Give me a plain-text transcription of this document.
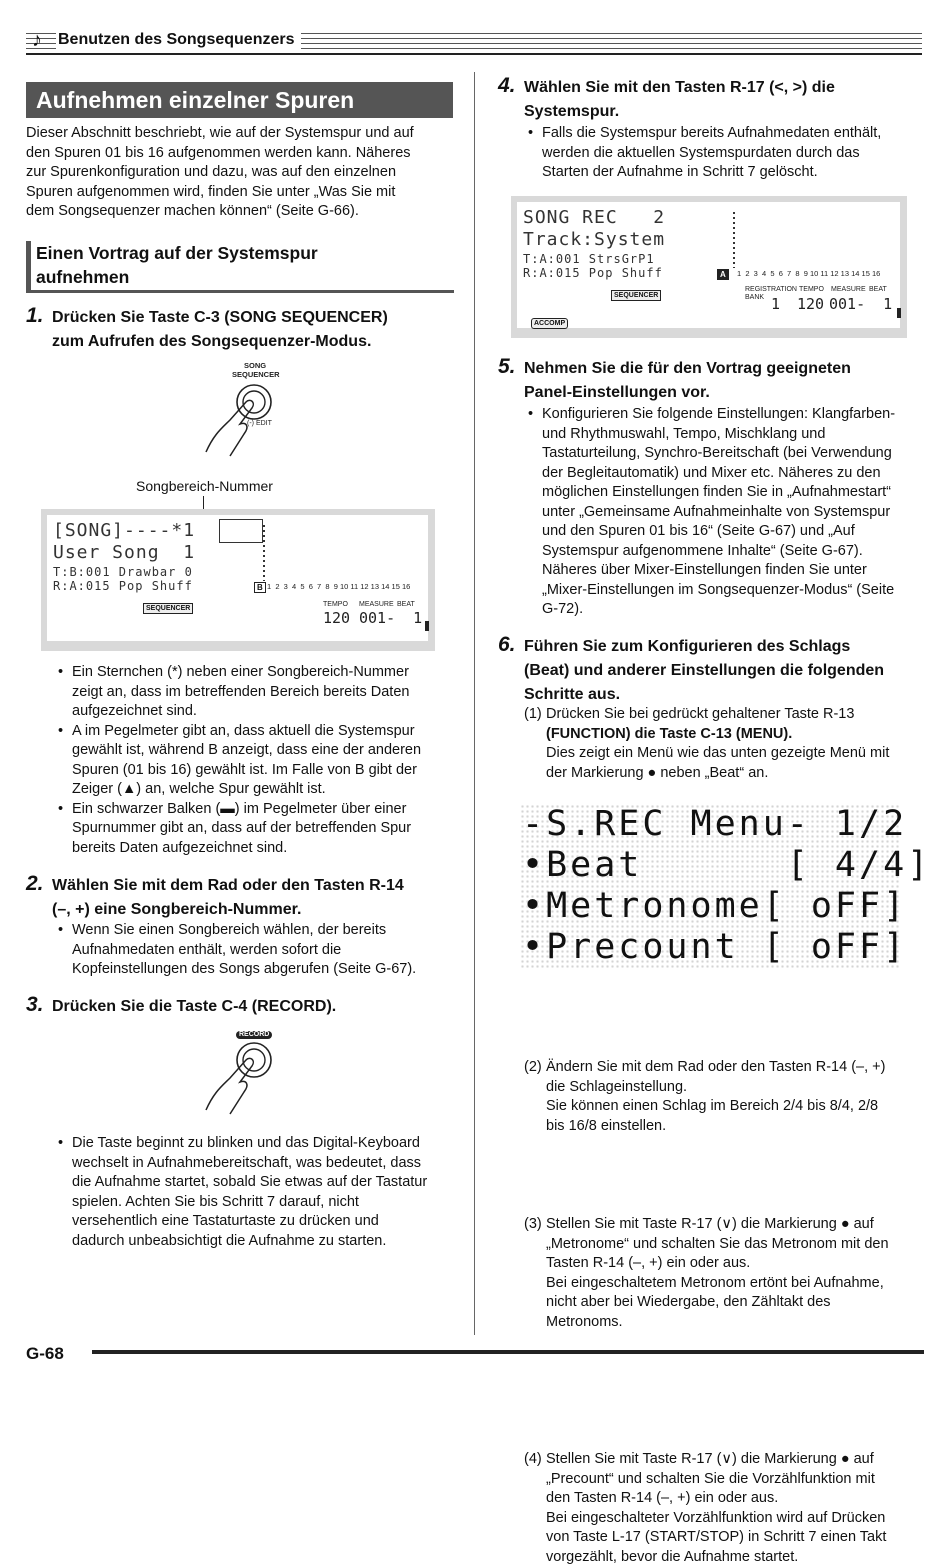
♪ Benutzen des Songsequenzers
Aufnehmen einzelner Spuren
Dieser Abschnitt beschriebt, wie auf der Systemspur und auf
den Spuren 01 bis 16 aufgenommen werden kann. Näheres
zur Spurenkonfiguration und dazu, was auf den einzelnen
Spuren aufgenommen wird, finden Sie unter „Was Sie mit
dem Songsequenzer machen können“ (Seite G-66).
Einen Vortrag auf der Systemspur
aufnehmen
1. Drücken Sie Taste C-3 (SONG SEQUENCER)
zum Aufrufen des Songsequenzer-Modus.
SONG
SEQUENCER
(-) EDIT
Songbereich-Nummer
[SONG]----*1
User Song  1
T:B:001 Drawbar 0
R:A:015 Pop Shuff	B 1  2  3  4  5  6  7  8  9 10 11 12 13 14 15 16
SEQUENCER
TEMPO MEASURE BEAT
120 001-  1
• Ein Sternchen (*) neben einer Songbereich-Nummer
zeigt an, dass im betreffenden Bereich bereits Daten
aufgezeichnet sind.
• A im Pegelmeter gibt an, dass aktuell die Systemspur
gewählt ist, während B anzeigt, dass eine der anderen
Spuren (01 bis 16) gewählt ist. Im Falle von B gibt der
Zeiger (▲) an, welche Spur gewählt ist.
• Ein schwarzer Balken (▬) im Pegelmeter über einer
Spurnummer gibt an, dass auf der betreffenden Spur
bereits Daten aufgezeichnet sind.
2. Wählen Sie mit dem Rad oder den Tasten R-14
(–, +) eine Songbereich-Nummer.
• Wenn Sie einen Songbereich wählen, der bereits
Aufnahmedaten enthält, werden sofort die
Kopfeinstellungen des Songs abgerufen (Seite G-67).
3. Drücken Sie die Taste C-4 (RECORD).
RECORD
• Die Taste beginnt zu blinken und das Digital-Keyboard
wechselt in Aufnahmebereitschaft, was bedeutet, dass
die Aufnahme startet, sobald Sie etwas auf der Tastatur
spielen. Achten Sie bis Schritt 7 darauf, nicht
versehentlich eine Tastaturtaste zu drücken und
dadurch unbeabsichtigt die Aufnahme zu starten.
4. Wählen Sie mit den Tasten R-17 (<, >) die
Systemspur.
• Falls die Systemspur bereits Aufnahmedaten enthält,
werden die aktuellen Systemspurdaten durch das
Starten der Aufnahme in Schritt 7 gelöscht.
SONG REC   2
Track:System
T:A:001 StrsGrP1
R:A:015 Pop Shuff	A	1  2  3  4  5  6  7  8  9 10 11 12 13 14 15 16
SEQUENCER
ACCOMP
REGISTRATION
BANK
TEMPO MEASURE BEAT
1 120 001-  1
5. Nehmen Sie die für den Vortrag geeigneten
Panel-Einstellungen vor.
• Konfigurieren Sie folgende Einstellungen: Klangfarben-
und Rhythmuswahl, Tempo, Mischklang und
Tastaturteilung, Synchro-Bereitschaft (bei Verwendung
der Begleitautomatik) und Mixer etc. Näheres zu den
möglichen Einstellungen finden Sie in „Aufnahmestart“
unter „Gemeinsame Aufnahmeinhalte von Systemspur
und den Spuren 01 bis 16“ (Seite G-67) und „Auf
Systemspur aufgenommene Inhalte“ (Seite G-67).
Näheres über Mixer-Einstellungen finden Sie unter
„Mixer-Einstellungen im Songsequenzer-Modus“ (Seite
G-72).
6. Führen Sie zum Konfigurieren des Schlags
(Beat) und anderer Einstellungen die folgenden
Schritte aus.
(1) Drücken Sie bei gedrückt gehaltener Taste R-13
(FUNCTION) die Taste C-13 (MENU).
Dies zeigt ein Menü wie das unten gezeigte Menü mit
der Markierung ● neben „Beat“ an.
-S.REC Menu- 1/2
•Beat      [ 4/4]
•Metronome[ oFF]
•Precount [ oFF]
(2) Ändern Sie mit dem Rad oder den Tasten R-14 (–, +)
die Schlageinstellung.
Sie können einen Schlag im Bereich 2/4 bis 8/4, 2/8
bis 16/8 einstellen.
(3) Stellen Sie mit Taste R-17 (∨) die Markierung ● auf
„Metronome“ und schalten Sie das Metronom mit den
Tasten R-14 (–, +) ein oder aus.
Bei eingeschaltetem Metronom ertönt bei Aufnahme,
nicht aber bei Wiedergabe, den Zähltakt des
Metronoms.
(4) Stellen Sie mit Taste R-17 (∨) die Markierung ● auf
„Precount“ und schalten Sie die Vorzählfunktion mit
den Tasten R-14 (–, +) ein oder aus.
Bei eingeschalteter Vorzählfunktion wird auf Drücken
von Taste L-17 (START/STOP) in Schritt 7 einen Takt
vorgezählt, bevor die Aufnahme startet.
G-68
